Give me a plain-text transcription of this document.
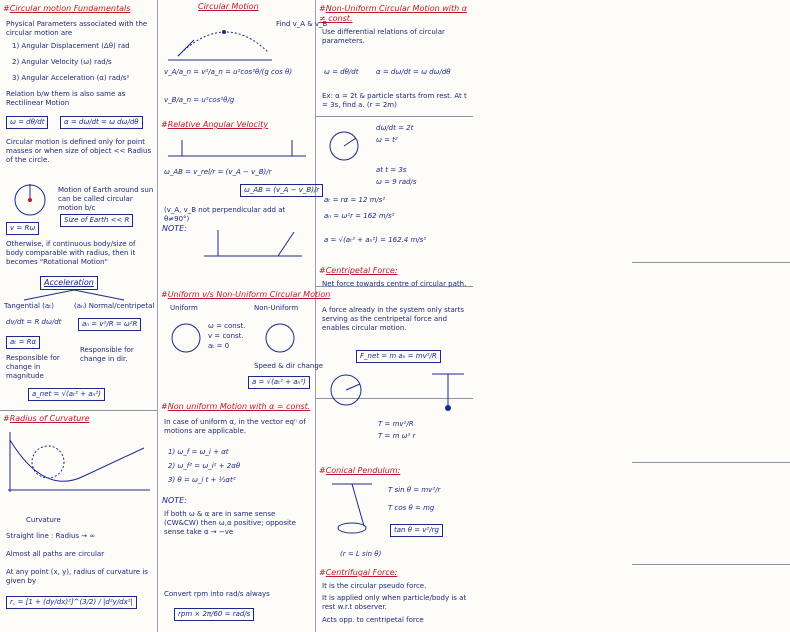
#Circular motion Fundamentals
Physical Parameters associated with the circular motion are
1) Angular Displacement (Δθ) rad
2) Angular Velocity (ω) rad/s
3) Angular Acceleration (α) rad/s²
Relation b/w them is also same as Rectilinear Motion
ω = dθ/dt	α = dω/dt = ω dω/dθ
Circular motion is defined only for point masses or when size of object << Radius of the circle.
Motion of Earth around sun can be called circular motion b/c
Size of Earth << R
v = Rω
Otherwise, if continuous body/size of body comparable with radius, then it becomes "Rotational Motion"
Acceleration
Tangential (aₜ)	(aₙ) Normal/centripetal
dv/dt = R dω/dt
aₜ = Rα
Responsible for change in magnitude
aₙ = v²/R = ω²R
Responsible for change in dir.
a_net = √(aₜ² + aₙ²)
#Radius of Curvature
Curvature
Straight line : Radius → ∞
Almost all paths are circular
At any point (x, y), radius of curvature is given by
r꜀ = [1 + (dy/dx)²]^(3/2) / |d²y/dx²|
Circular Motion
Find v_A & v_B
v_A/a_n = v²/a_n = u²cos²θ/(g cos θ)
v_B/a_n = u²cos²θ/g
#Relative Angular Velocity
ω_AB = v_rel/r = (v_A − v_B)/r
ω_AB = (v_A − v_B)/r
(v_A, v_B not perpendicular add at θ≠90°)
NOTE:
#Uniform v/s Non-Uniform Circular Motion
Uniform	Non-Uniform
ω = const.
v = const.
aₜ = 0
Speed & dir change
a = √(aₜ² + aₙ²)
#Non uniform Motion with α = const.
In case of uniform α, in the vector eqⁿ of motions are applicable.
1) ω_f = ω_i + αt
2) ω_f² = ω_i² + 2αθ
3) θ = ω_i t + ½αt²
NOTE:
If both ω & α are in same sense (CW&CW) then ω,α positive; opposite sense take α → −ve
Convert rpm into rad/s always
rpm × 2π/60 = rad/s
#Non-Uniform Circular Motion with α ≠ const.
Use differential relations of circular parameters.
ω = dθ/dt	α = dω/dt = ω dω/dθ
Ex: α = 2t & particle starts from rest. At t = 3s, find a. (r = 2m)
dω/dt = 2t
ω = t²
at t = 3s
ω = 9 rad/s
aₜ = rα = 12 m/s²
aₙ = ω²r = 162 m/s²
a = √(aₜ² + aₙ²) = 162.4 m/s²
#Centripetal Force:
Net force towards centre of circular path.
A force already in the system only starts serving as the centripetal force and enables circular motion.
F_net = m aₙ = mv²/R
T = mv²/R
T = m ω² r
#Conical Pendulum:
T sin θ = mv²/r
T cos θ = mg
tan θ = v²/rg
(r = L sin θ)
#Centrifugal Force:
It is the circular pseudo force.
It is applied only when particle/body is at rest w.r.t observer.
Acts opp. to centripetal force
